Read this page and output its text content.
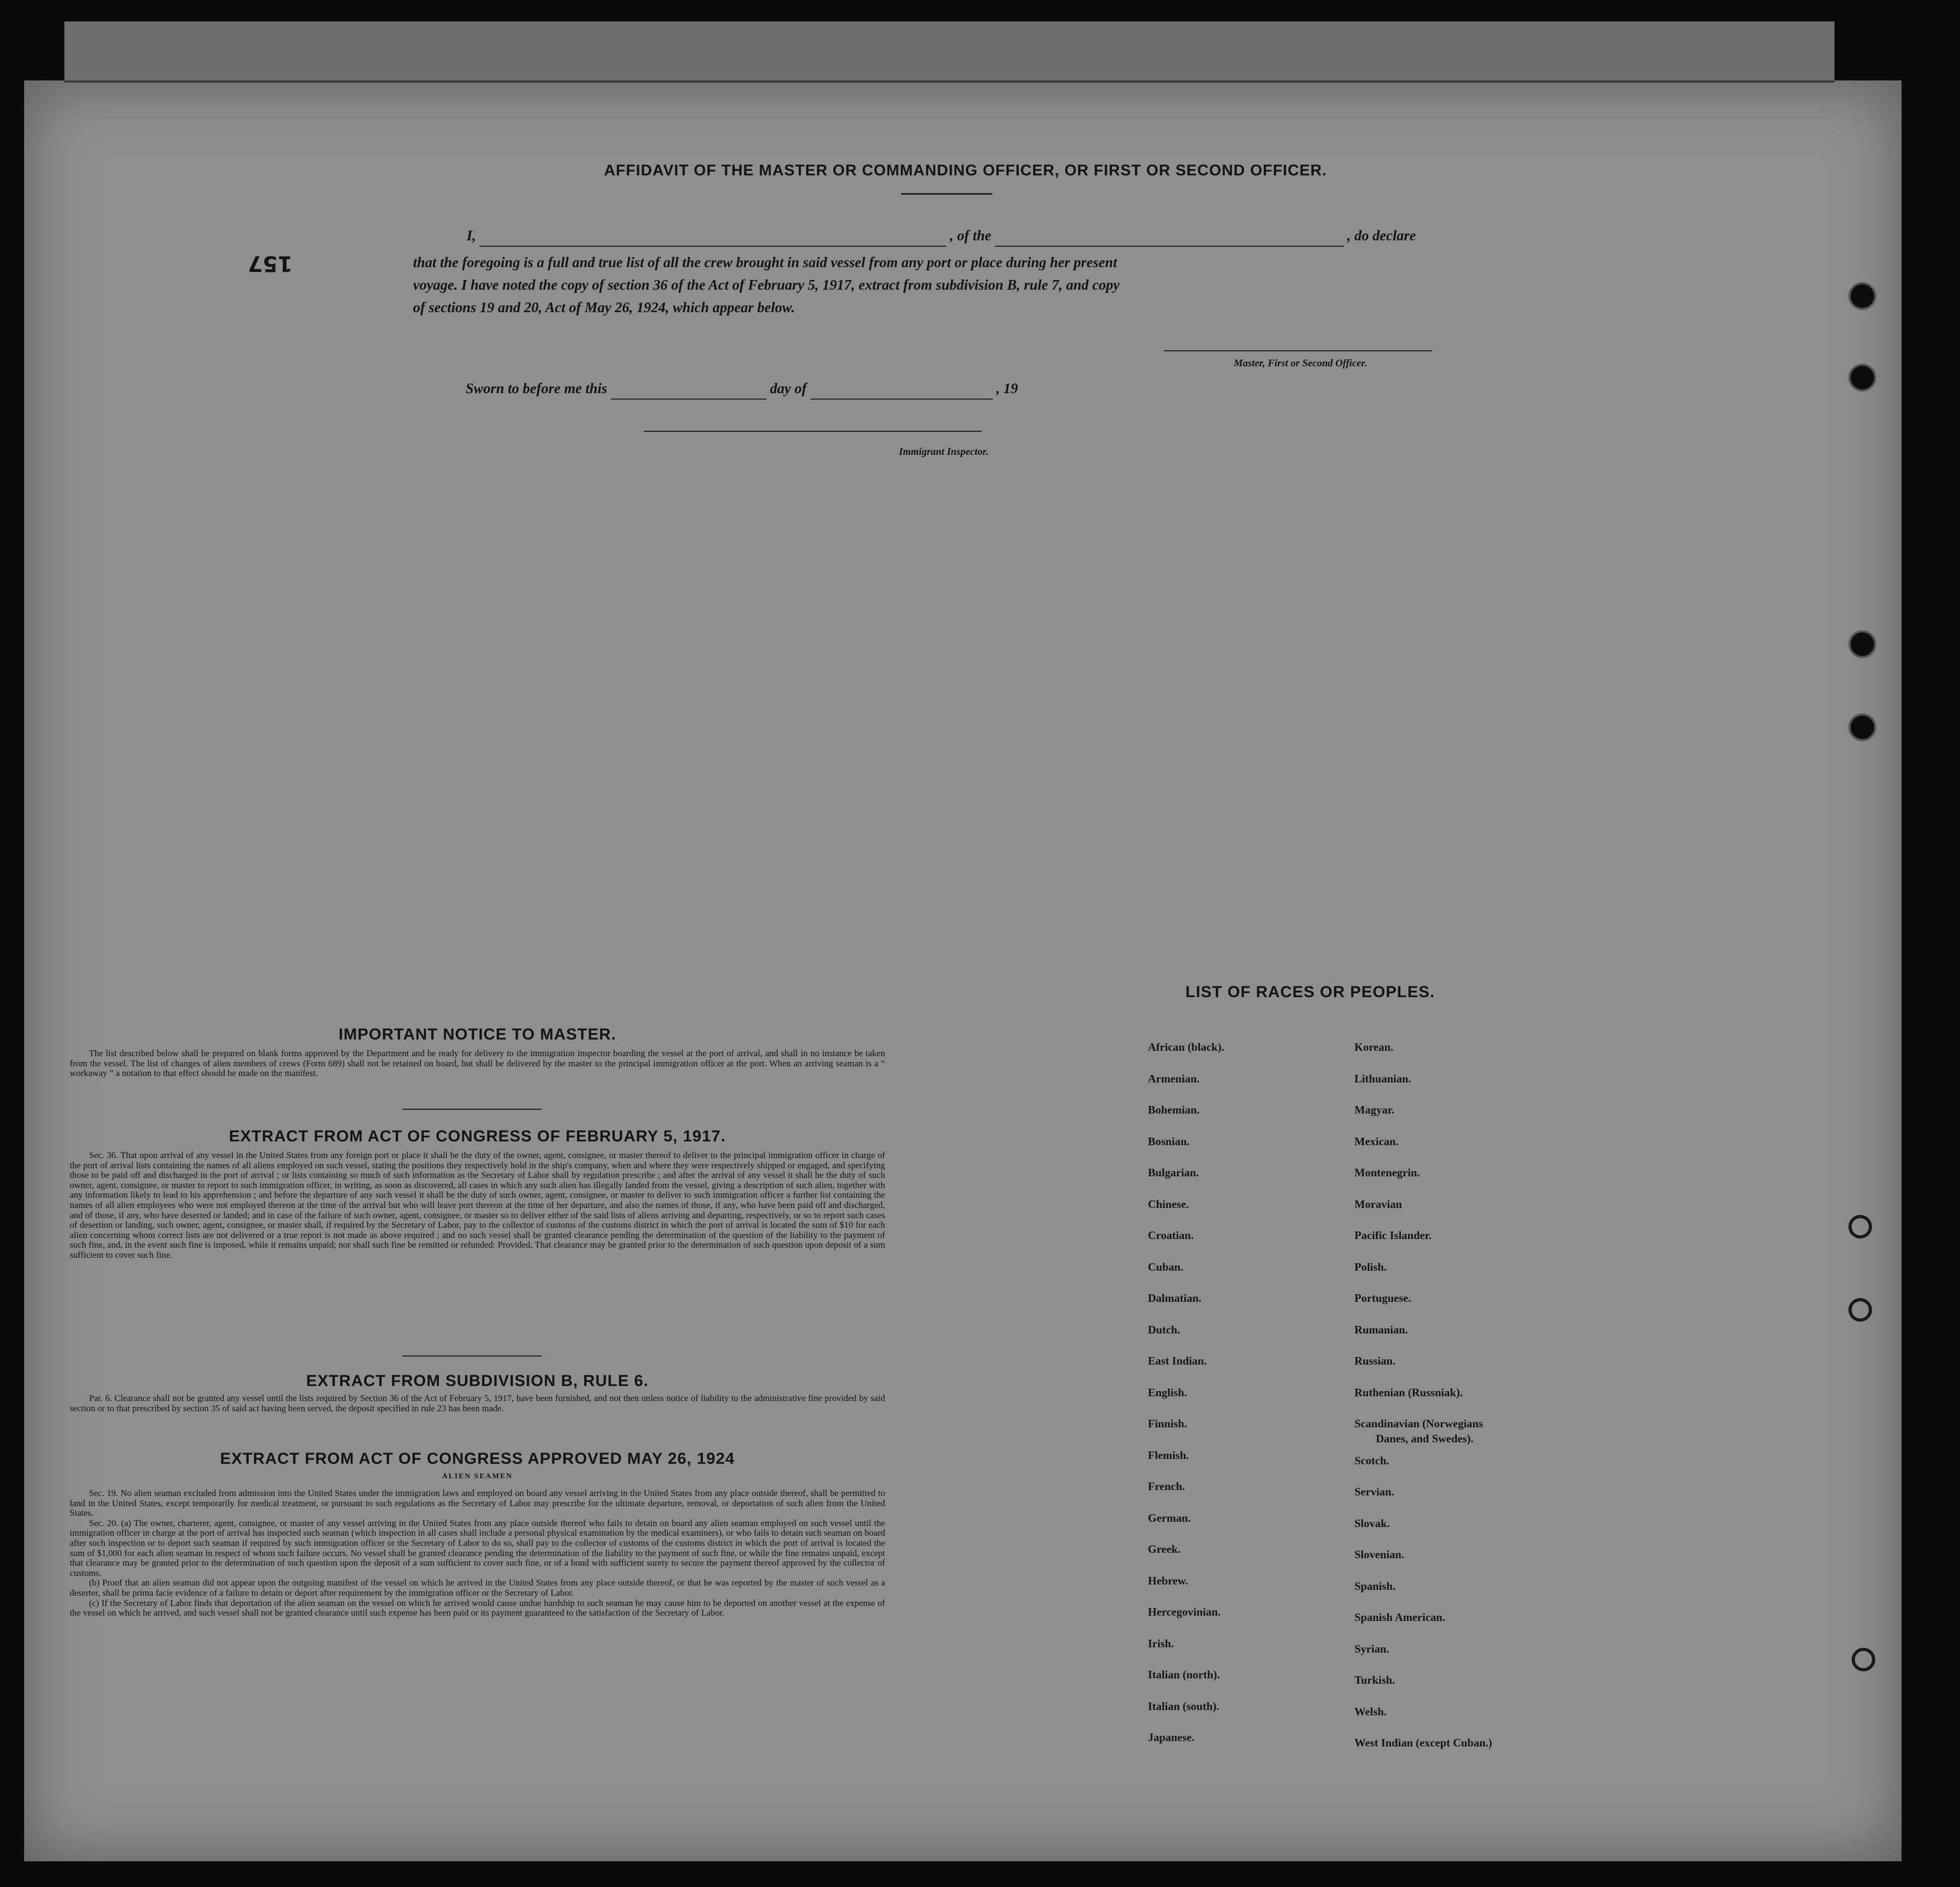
157
AFFIDAVIT OF THE MASTER OR COMMANDING OFFICER, OR FIRST OR SECOND OFFICER.
I,	, of the	, do declare
that the foregoing is a full and true list of all the crew brought in said vessel from any port or place during her present
voyage. I have noted the copy of section 36 of the Act of February 5, 1917, extract from subdivision B, rule 7, and copy
of sections 19 and 20, Act of May 26, 1924, which appear below.
Master, First or Second Officer.
Sworn to before me this	day of	, 19
Immigrant Inspector.
IMPORTANT NOTICE TO MASTER.

The list described below shall be prepared on blank forms approved by the Department and be ready for delivery to the immigration inspector boarding the vessel at the port of arrival, and shall in no instance be taken from the vessel. The list of changes of alien members of crews (Form 689) shall not be retained on board, but shall be delivered by the master to the principal immigration officer at the port. When an arriving seaman is a “ workaway ” a notation to that effect should be made on the manifest.

EXTRACT FROM ACT OF CONGRESS OF FEBRUARY 5, 1917.

Sec. 36. That upon arrival of any vessel in the United States from any foreign port or place it shall be the duty of the owner, agent, consignee, or master thereof to deliver to the principal immigration officer in charge of the port of arrival lists containing the names of all aliens employed on such vessel, stating the positions they respectively hold in the ship's company, when and where they were respectively shipped or engaged, and specifying those to be paid off and discharged in the port of arrival ; or lists containing so much of such information as the Secretary of Labor shall by regulation prescribe ; and after the arrival of any vessel it shall be the duty of such owner, agent, consignee, or master to report to such immigration officer, in writing, as soon as discovered, all cases in which any such alien has illegally landed from the vessel, giving a description of such alien, together with any information likely to lead to his apprehension ; and before the departure of any such vessel it shall be the duty of such owner, agent, consignee, or master to deliver to such immigration officer a further list containing the names of all alien employees who were not employed thereon at the time of the arrival but who will leave port thereon at the time of her departure, and also the names of those, if any, who have been paid off and discharged, and of those, if any, who have deserted or landed; and in case of the failure of such owner, agent, consignee, or master so to deliver either of the said lists of aliens arriving and departing, respectively, or so to report such cases of desertion or landing, such owner, agent, consignee, or master shall, if required by the Secretary of Labor, pay to the collector of customs of the customs district in which the port of arrival is located the sum of $10 for each alien concerning whom correct lists are not delivered or a true report is not made as above required ; and no such vessel shall be granted clearance pending the determination of the question of the liability to the payment of such fine, and, in the event such fine is imposed, while it remains unpaid; nor shall such fine be remitted or refunded: Provided, That clearance may be granted prior to the determination of such question upon deposit of a sum sufficient to cover such fine.

EXTRACT FROM SUBDIVISION B, RULE 6.

Par. 6. Clearance shall not be granted any vessel until the lists required by Section 36 of the Act of February 5, 1917, have been furnished, and not then unless notice of liability to the administrative fine provided by said section or to that prescribed by section 35 of said act having been served, the deposit specified in rule 23 has been made.

EXTRACT FROM ACT OF CONGRESS APPROVED MAY 26, 1924
ALIEN SEAMEN

Sec. 19. No alien seaman excluded from admission into the United States under the immigration laws and employed on board any vessel arriving in the United States from any place outside thereof, shall be permitted to land in the United States, except temporarily for medical treatment, or pursuant to such regulations as the Secretary of Labor may prescribe for the ultimate departure, removal, or deportation of such alien from the United States.

Sec. 20. (a) The owner, charterer, agent, consignee, or master of any vessel arriving in the United States from any place outside thereof who fails to detain on board any alien seaman employed on such vessel until the immigration officer in charge at the port of arrival has inspected such seaman (which inspection in all cases shall include a personal physical examination by the medical examiners), or who fails to detain such seaman on board after such inspection or to deport such seaman if required by such immigration officer or the Secretary of Labor to do so, shall pay to the collector of customs of the customs district in which the port of arrival is located the sum of $1,000 for each alien seaman in respect of whom such failure occurs. No vessel shall be granted clearance pending the determination of the liability to the payment of such fine, or while the fine remains unpaid, except that clearance may be granted prior to the determination of such question upon the deposit of a sum sufficient to cover such fine, or of a bond with sufficient surety to secure the payment thereof approved by the collector of customs.

(b) Proof that an alien seaman did not appear upon the outgoing manifest of the vessel on which he arrived in the United States from any place outside thereof, or that he was reported by the master of such vessel as a deserter, shall be prima facie evidence of a failure to detain or deport after requirement by the immigration officer or the Secretary of Labor.

(c) If the Secretary of Labor finds that deportation of the alien seaman on the vessel on which he arrived would cause undue hardship to such seaman he may cause him to be deported on another vessel at the expense of the vessel on which he arrived, and such vessel shall not be granted clearance until such expense has been paid or its payment guaranteed to the satisfaction of the Secretary of Labor.

LIST OF RACES OR PEOPLES.
African (black).
Armenian.
Bohemian.
Bosnian.
Bulgarian.
Chinese.
Croatian.
Cuban.
Dalmatian.
Dutch.
East Indian.
English.
Finnish.
Flemish.
French.
German.
Greek.
Hebrew.
Hercegovinian.
Irish.
Italian (north).
Italian (south).
Japanese.
Korean.
Lithuanian.
Magyar.
Mexican.
Montenegrin.
Moravian
Pacific Islander.
Polish.
Portuguese.
Rumanian.
Russian.
Ruthenian (Russniak).
Scandinavian (Norwegians
Danes, and Swedes).
Scotch.
Servian.
Slovak.
Slovenian.
Spanish.
Spanish American.
Syrian.
Turkish.
Welsh.
West Indian (except Cuban.)
